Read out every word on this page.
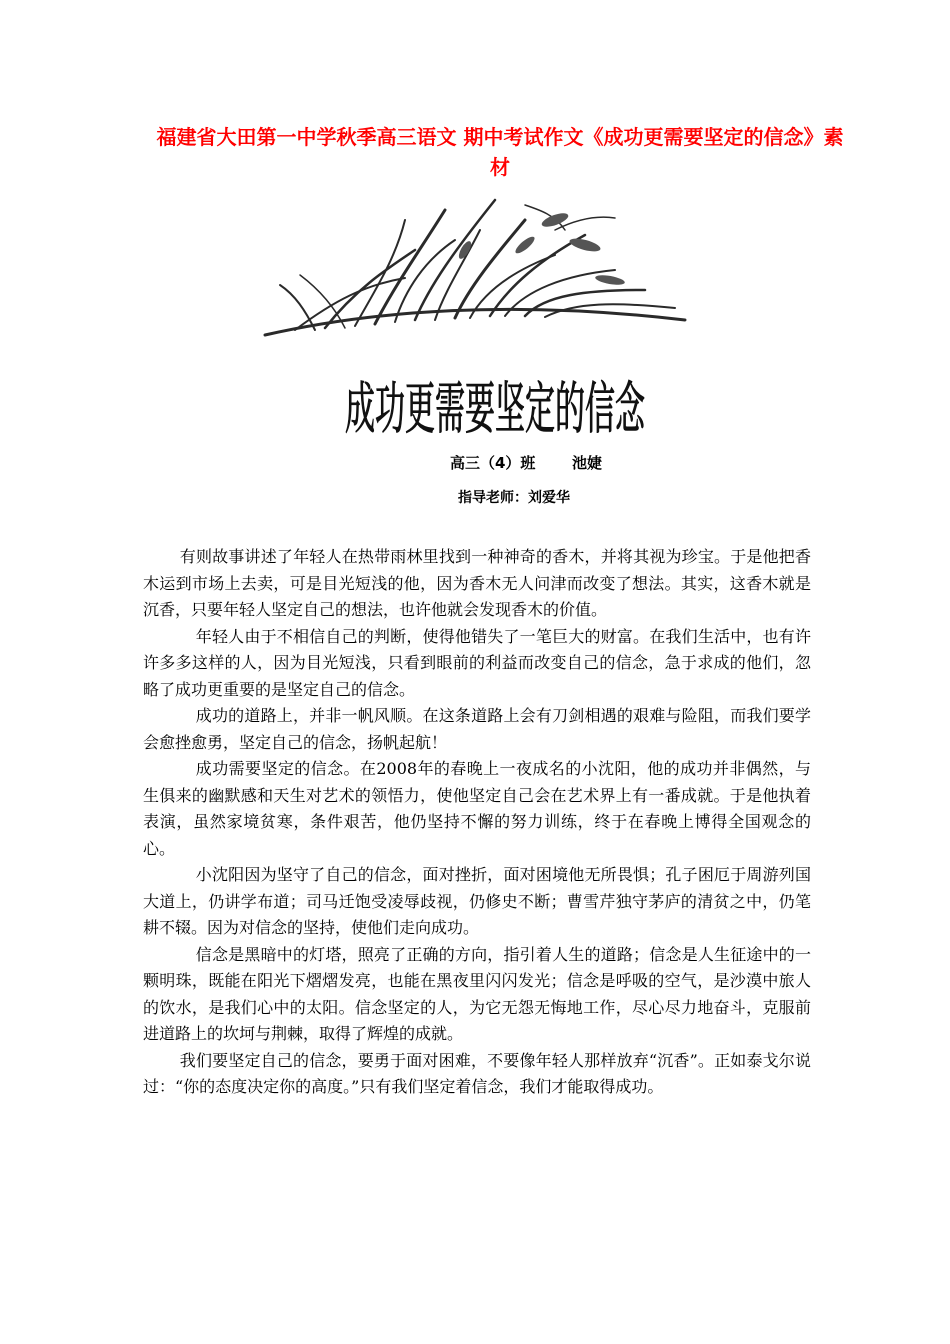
福建省大田第一中学秋季高三语文 期中考试作文《成功更需要坚定的信念》素材
成功更需要坚定的信念
高三（4）班 池婕
指导老师：刘爱华

有则故事讲述了年轻人在热带雨林里找到一种神奇的香木，并将其视为珍宝。于是他把香木运到市场上去卖，可是目光短浅的他，因为香木无人问津而改变了想法。其实，这香木就是沉香，只要年轻人坚定自己的想法，也许他就会发现香木的价值。

年轻人由于不相信自己的判断，使得他错失了一笔巨大的财富。在我们生活中，也有许许多多这样的人，因为目光短浅，只看到眼前的利益而改变自己的信念，急于求成的他们，忽略了成功更重要的是坚定自己的信念。

成功的道路上，并非一帆风顺。在这条道路上会有刀剑相遇的艰难与险阻，而我们要学会愈挫愈勇，坚定自己的信念，扬帆起航！

成功需要坚定的信念。在2008年的春晚上一夜成名的小沈阳，他的成功并非偶然，与生俱来的幽默感和天生对艺术的领悟力，使他坚定自己会在艺术界上有一番成就。于是他执着表演，虽然家境贫寒，条件艰苦，他仍坚持不懈的努力训练，终于在春晚上博得全国观念的心。

小沈阳因为坚守了自己的信念，面对挫折，面对困境他无所畏惧；孔子困厄于周游列国大道上，仍讲学布道；司马迁饱受凌辱歧视，仍修史不断；曹雪芹独守茅庐的清贫之中，仍笔耕不辍。因为对信念的坚持，使他们走向成功。

信念是黑暗中的灯塔，照亮了正确的方向，指引着人生的道路；信念是人生征途中的一颗明珠，既能在阳光下熠熠发亮，也能在黑夜里闪闪发光；信念是呼吸的空气，是沙漠中旅人的饮水，是我们心中的太阳。信念坚定的人，为它无怨无悔地工作，尽心尽力地奋斗，克服前进道路上的坎坷与荆棘，取得了辉煌的成就。

我们要坚定自己的信念，要勇于面对困难，不要像年轻人那样放弃“沉香”。正如泰戈尔说过：“你的态度决定你的高度。”只有我们坚定着信念，我们才能取得成功。
